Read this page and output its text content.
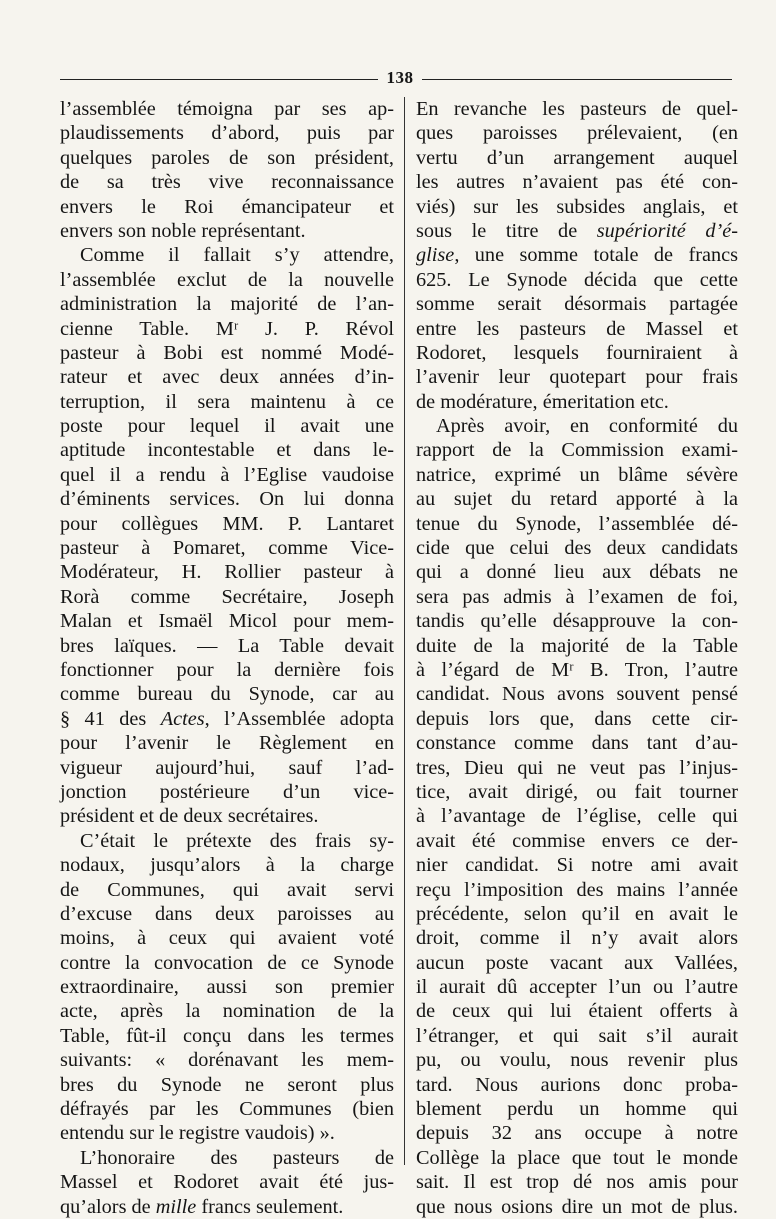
138
l’assemblée témoigna par ses ap-
plaudissements d’abord, puis par
quelques paroles de son président,
de sa très vive reconnaissance
envers le Roi émancipateur et
envers son noble représentant.
Comme il fallait s’y attendre,
l’assemblée exclut de la nouvelle
administration la majorité de l’an-
cienne Table. Mʳ J. P. Révol
pasteur à Bobi est nommé Modé-
rateur et avec deux années d’in-
terruption, il sera maintenu à ce
poste pour lequel il avait une
aptitude incontestable et dans le-
quel il a rendu à l’Eglise vaudoise
d’éminents services. On lui donna
pour collègues MM. P. Lantaret
pasteur à Pomaret, comme Vice-
Modérateur, H. Rollier pasteur à
Rorà comme Secrétaire, Joseph
Malan et Ismaël Micol pour mem-
bres laïques. — La Table devait
fonctionner pour la dernière fois
comme bureau du Synode, car au
§ 41 des Actes, l’Assemblée adopta
pour l’avenir le Règlement en
vigueur aujourd’hui, sauf l’ad-
jonction postérieure d’un vice-
président et de deux secrétaires.
C’était le prétexte des frais sy-
nodaux, jusqu’alors à la charge
de Communes, qui avait servi
d’excuse dans deux paroisses au
moins, à ceux qui avaient voté
contre la convocation de ce Synode
extraordinaire, aussi son premier
acte, après la nomination de la
Table, fût-il conçu dans les termes
suivants: « dorénavant les mem-
bres du Synode ne seront plus
défrayés par les Communes (bien
entendu sur le registre vaudois) ».
L’honoraire des pasteurs de
Massel et Rodoret avait été jus-
qu’alors de mille francs seulement.
En revanche les pasteurs de quel-
ques paroisses prélevaient, (en
vertu d’un arrangement auquel
les autres n’avaient pas été con-
viés) sur les subsides anglais, et
sous le titre de supériorité d’é-
glise, une somme totale de francs
625. Le Synode décida que cette
somme serait désormais partagée
entre les pasteurs de Massel et
Rodoret, lesquels fourniraient à
l’avenir leur quotepart pour frais
de modérature, émeritation etc.
Après avoir, en conformité du
rapport de la Commission exami-
natrice, exprimé un blâme sévère
au sujet du retard apporté à la
tenue du Synode, l’assemblée dé-
cide que celui des deux candidats
qui a donné lieu aux débats ne
sera pas admis à l’examen de foi,
tandis qu’elle désapprouve la con-
duite de la majorité de la Table
à l’égard de Mʳ B. Tron, l’autre
candidat. Nous avons souvent pensé
depuis lors que, dans cette cir-
constance comme dans tant d’au-
tres, Dieu qui ne veut pas l’injus-
tice, avait dirigé, ou fait tourner
à l’avantage de l’église, celle qui
avait été commise envers ce der-
nier candidat. Si notre ami avait
reçu l’imposition des mains l’année
précédente, selon qu’il en avait le
droit, comme il n’y avait alors
aucun poste vacant aux Vallées,
il aurait dû accepter l’un ou l’autre
de ceux qui lui étaient offerts à
l’étranger, et qui sait s’il aurait
pu, ou voulu, nous revenir plus
tard. Nous aurions donc proba-
blement perdu un homme qui
depuis 32 ans occupe à notre
Collège la place que tout le monde
sait. Il est trop dé nos amis pour
que nous osions dire un mot de plus.
